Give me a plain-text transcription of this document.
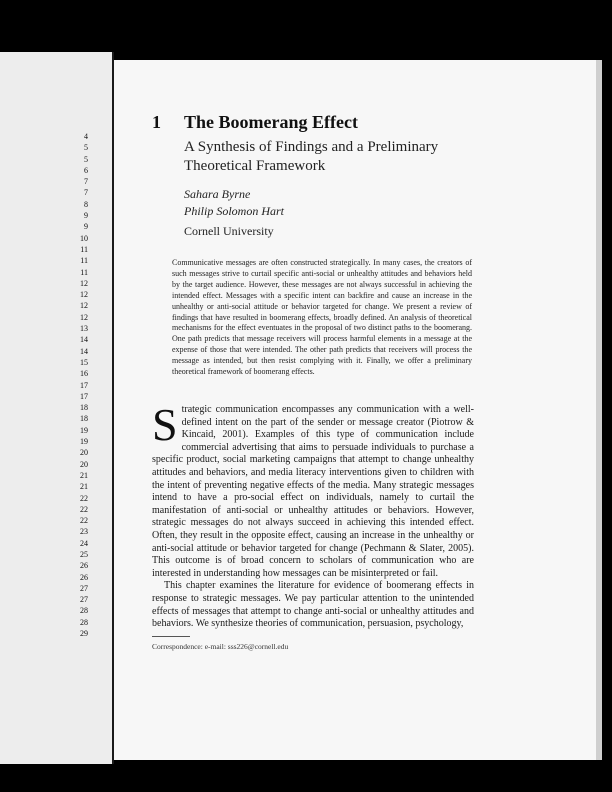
4
5
5
6
7
7
8
9
9
10
11
11
11
12
12
12
12
13
14
14
15
16
17
17
18
18
19
19
20
20
21
21
22
22
22
23
24
25
26
26
27
27
28
28
29
1 The Boomerang Effect
A Synthesis of Findings and a Preliminary Theoretical Framework
Sahara Byrne
Philip Solomon Hart
Cornell University
Communicative messages are often constructed strategically. In many cases, the creators of such messages strive to curtail specific anti-social or unhealthy attitudes and behaviors held by the target audience. However, these messages are not always successful in achieving the intended effect. Messages with a specific intent can backfire and cause an increase in the unhealthy or anti-social attitude or behavior targeted for change. We present a review of findings that have resulted in boomerang effects, broadly defined. An analysis of theoretical mechanisms for the effect eventuates in the proposal of two distinct paths to the boomerang. One path predicts that message receivers will process harmful elements in a message at the expense of those that were intended. The other path predicts that receivers will process the message as intended, but then resist complying with it. Finally, we offer a preliminary theoretical framework of boomerang effects.

Strategic communication encompasses any communication with a well-defined intent on the part of the sender or message creator (Piotrow & Kincaid, 2001). Examples of this type of communication include commercial advertising that aims to persuade individuals to purchase a specific product, social marketing campaigns that attempt to change unhealthy attitudes and behaviors, and media literacy interventions given to children with the intent of preventing negative effects of the media. Many strategic messages intend to have a pro-social effect on individuals, namely to curtail the manifestation of anti-social or unhealthy attitudes or behaviors. However, strategic messages do not always succeed in achieving this intended effect. Often, they result in the opposite effect, causing an increase in the unhealthy or anti-social attitude or behavior targeted for change (Pechmann & Slater, 2005). This outcome is of broad concern to scholars of communication who are interested in understanding how messages can be misinterpreted or fail.

This chapter examines the literature for evidence of boomerang effects in response to strategic messages. We pay particular attention to the unintended effects of messages that attempt to change anti-social or unhealthy attitudes and behaviors. We synthesize theories of communication, persuasion, psychology,

Correspondence: e-mail: sss226@cornell.edu
